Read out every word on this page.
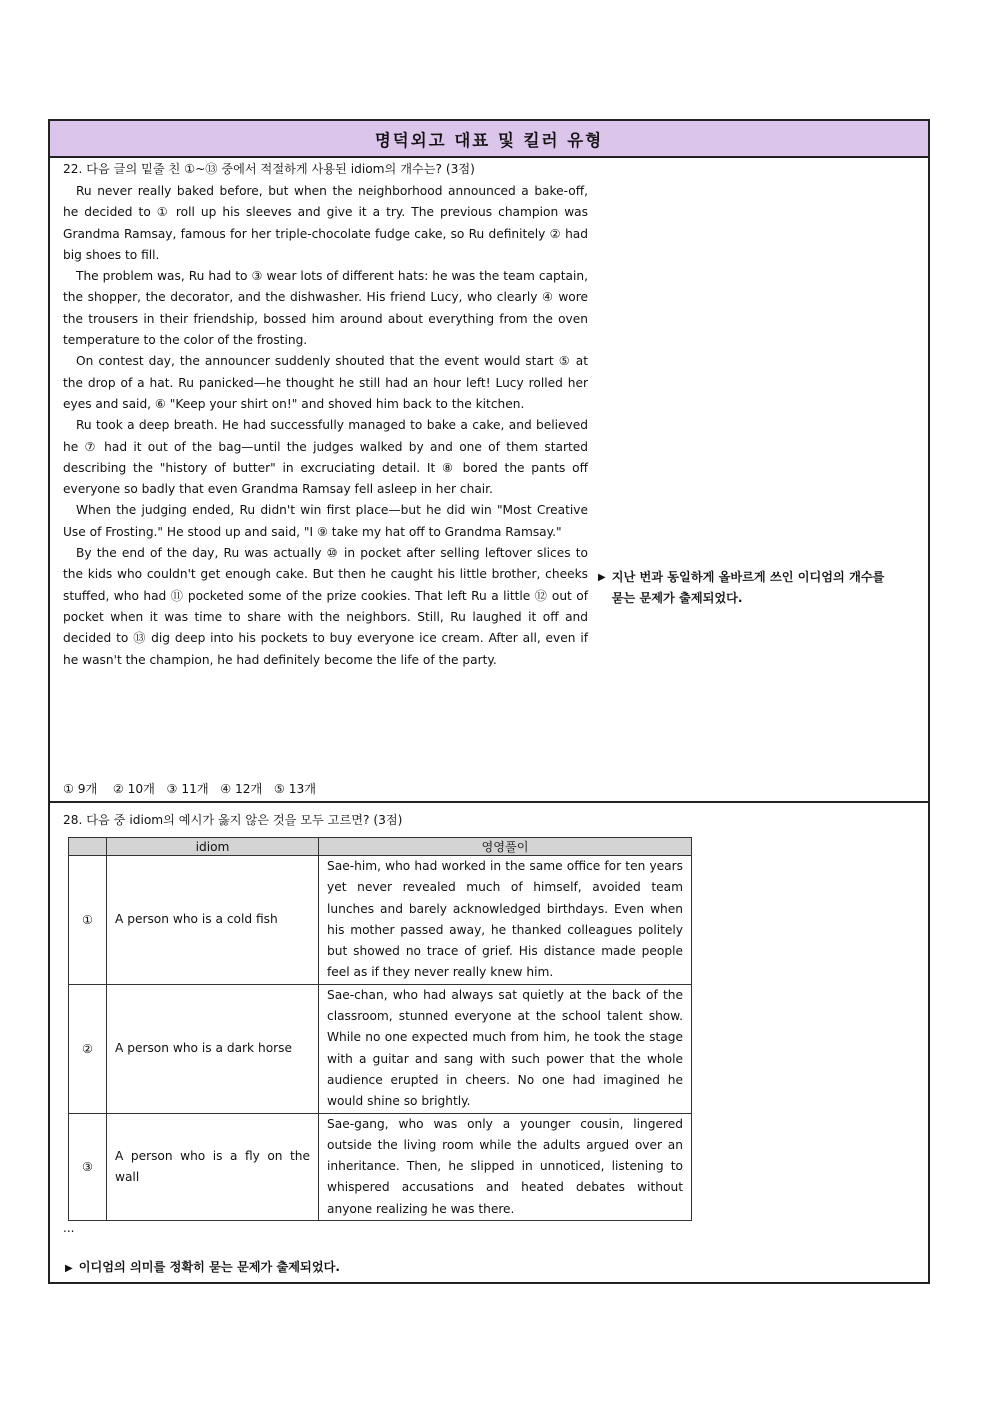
명덕외고 대표 및 킬러 유형
22. 다음 글의 밑줄 친 ①~⑬ 중에서 적절하게 사용된 idiom의 개수는? (3점)

Ru never really baked before, but when the neighborhood announced a bake-off, he decided to ① roll up his sleeves and give it a try. The previous champion was Grandma Ramsay, famous for her triple-chocolate fudge cake, so Ru definitely ② had big shoes to fill.

The problem was, Ru had to ③ wear lots of different hats: he was the team captain, the shopper, the decorator, and the dishwasher. His friend Lucy, who clearly ④ wore the trousers in their friendship, bossed him around about everything from the oven temperature to the color of the frosting.

On contest day, the announcer suddenly shouted that the event would start ⑤ at the drop of a hat. Ru panicked—he thought he still had an hour left! Lucy rolled her eyes and said, ⑥ "Keep your shirt on!" and shoved him back to the kitchen.

Ru took a deep breath. He had successfully managed to bake a cake, and believed he ⑦ had it out of the bag—until the judges walked by and one of them started describing the "history of butter" in excruciating detail. It ⑧ bored the pants off everyone so badly that even Grandma Ramsay fell asleep in her chair.

When the judging ended, Ru didn't win first place—but he did win "Most Creative Use of Frosting." He stood up and said, "I ⑨ take my hat off to Grandma Ramsay."

By the end of the day, Ru was actually ⑩ in pocket after selling leftover slices to the kids who couldn't get enough cake. But then he caught his little brother, cheeks stuffed, who had ⑪ pocketed some of the prize cookies. That left Ru a little ⑫ out of pocket when it was time to share with the neighbors. Still, Ru laughed it off and decided to ⑬ dig deep into his pockets to buy everyone ice cream. After all, even if he wasn't the champion, he had definitely become the life of the party.

① 9개    ② 10개   ③ 11개   ④ 12개   ⑤ 13개
▶ 지난 번과 동일하게 올바르게 쓰인 이디엄의 개수를 묻는 문제가 출제되었다.
28. 다음 중 idiom의 예시가 옳지 않은 것을 모두 고르면? (3점)
	idiom	영영풀이
①	A person who is a cold fish	Sae-him, who had worked in the same office for ten years yet never revealed much of himself, avoided team lunches and barely acknowledged birthdays. Even when his mother passed away, he thanked colleagues politely but showed no trace of grief. His distance made people feel as if they never really knew him.
②	A person who is a dark horse	Sae-chan, who had always sat quietly at the back of the classroom, stunned everyone at the school talent show. While no one expected much from him, he took the stage with a guitar and sang with such power that the whole audience erupted in cheers. No one had imagined he would shine so brightly.
③	A person who is a fly on the wall	Sae-gang, who was only a younger cousin, lingered outside the living room while the adults argued over an inheritance. Then, he slipped in unnoticed, listening to whispered accusations and heated debates without anyone realizing he was there.
...
▶ 이디엄의 의미를 정확히 묻는 문제가 출제되었다.
